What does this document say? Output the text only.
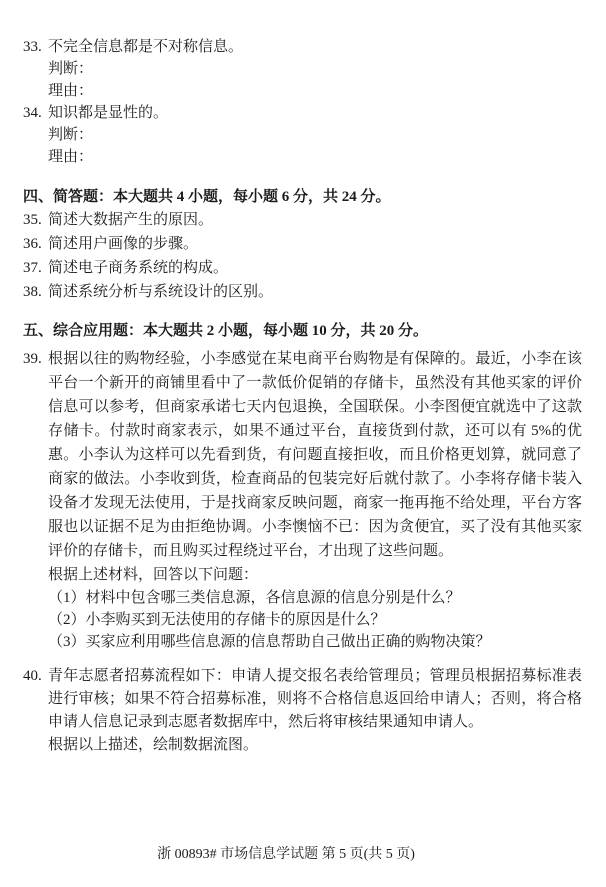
33. 不完全信息都是不对称信息。
判断：
理由：
34. 知识都是显性的。
判断：
理由：
四、简答题：本大题共 4 小题，每小题 6 分，共 24 分。
35. 简述大数据产生的原因。
36. 简述用户画像的步骤。
37. 简述电子商务系统的构成。
38. 简述系统分析与系统设计的区别。
五、综合应用题：本大题共 2 小题，每小题 10 分，共 20 分。
39. 根据以往的购物经验，小李感觉在某电商平台购物是有保障的。最近，小李在该平台一个新开的商铺里看中了一款低价促销的存储卡，虽然没有其他买家的评价信息可以参考，但商家承诺七天内包退换，全国联保。小李图便宜就选中了这款存储卡。付款时商家表示，如果不通过平台，直接货到付款，还可以有 5%的优惠。小李认为这样可以先看到货，有问题直接拒收，而且价格更划算，就同意了商家的做法。小李收到货，检查商品的包装完好后就付款了。小李将存储卡装入设备才发现无法使用，于是找商家反映问题，商家一拖再拖不给处理，平台方客服也以证据不足为由拒绝协调。小李懊恼不已：因为贪便宜，买了没有其他买家评价的存储卡，而且购买过程绕过平台，才出现了这些问题。
根据上述材料，回答以下问题：
（1）材料中包含哪三类信息源，各信息源的信息分别是什么？
（2）小李购买到无法使用的存储卡的原因是什么？
（3）买家应利用哪些信息源的信息帮助自己做出正确的购物决策？
40. 青年志愿者招募流程如下：申请人提交报名表给管理员；管理员根据招募标准表进行审核；如果不符合招募标准，则将不合格信息返回给申请人；否则，将合格申请人信息记录到志愿者数据库中，然后将审核结果通知申请人。
根据以上描述，绘制数据流图。
浙 00893# 市场信息学试题 第 5 页(共 5 页)
